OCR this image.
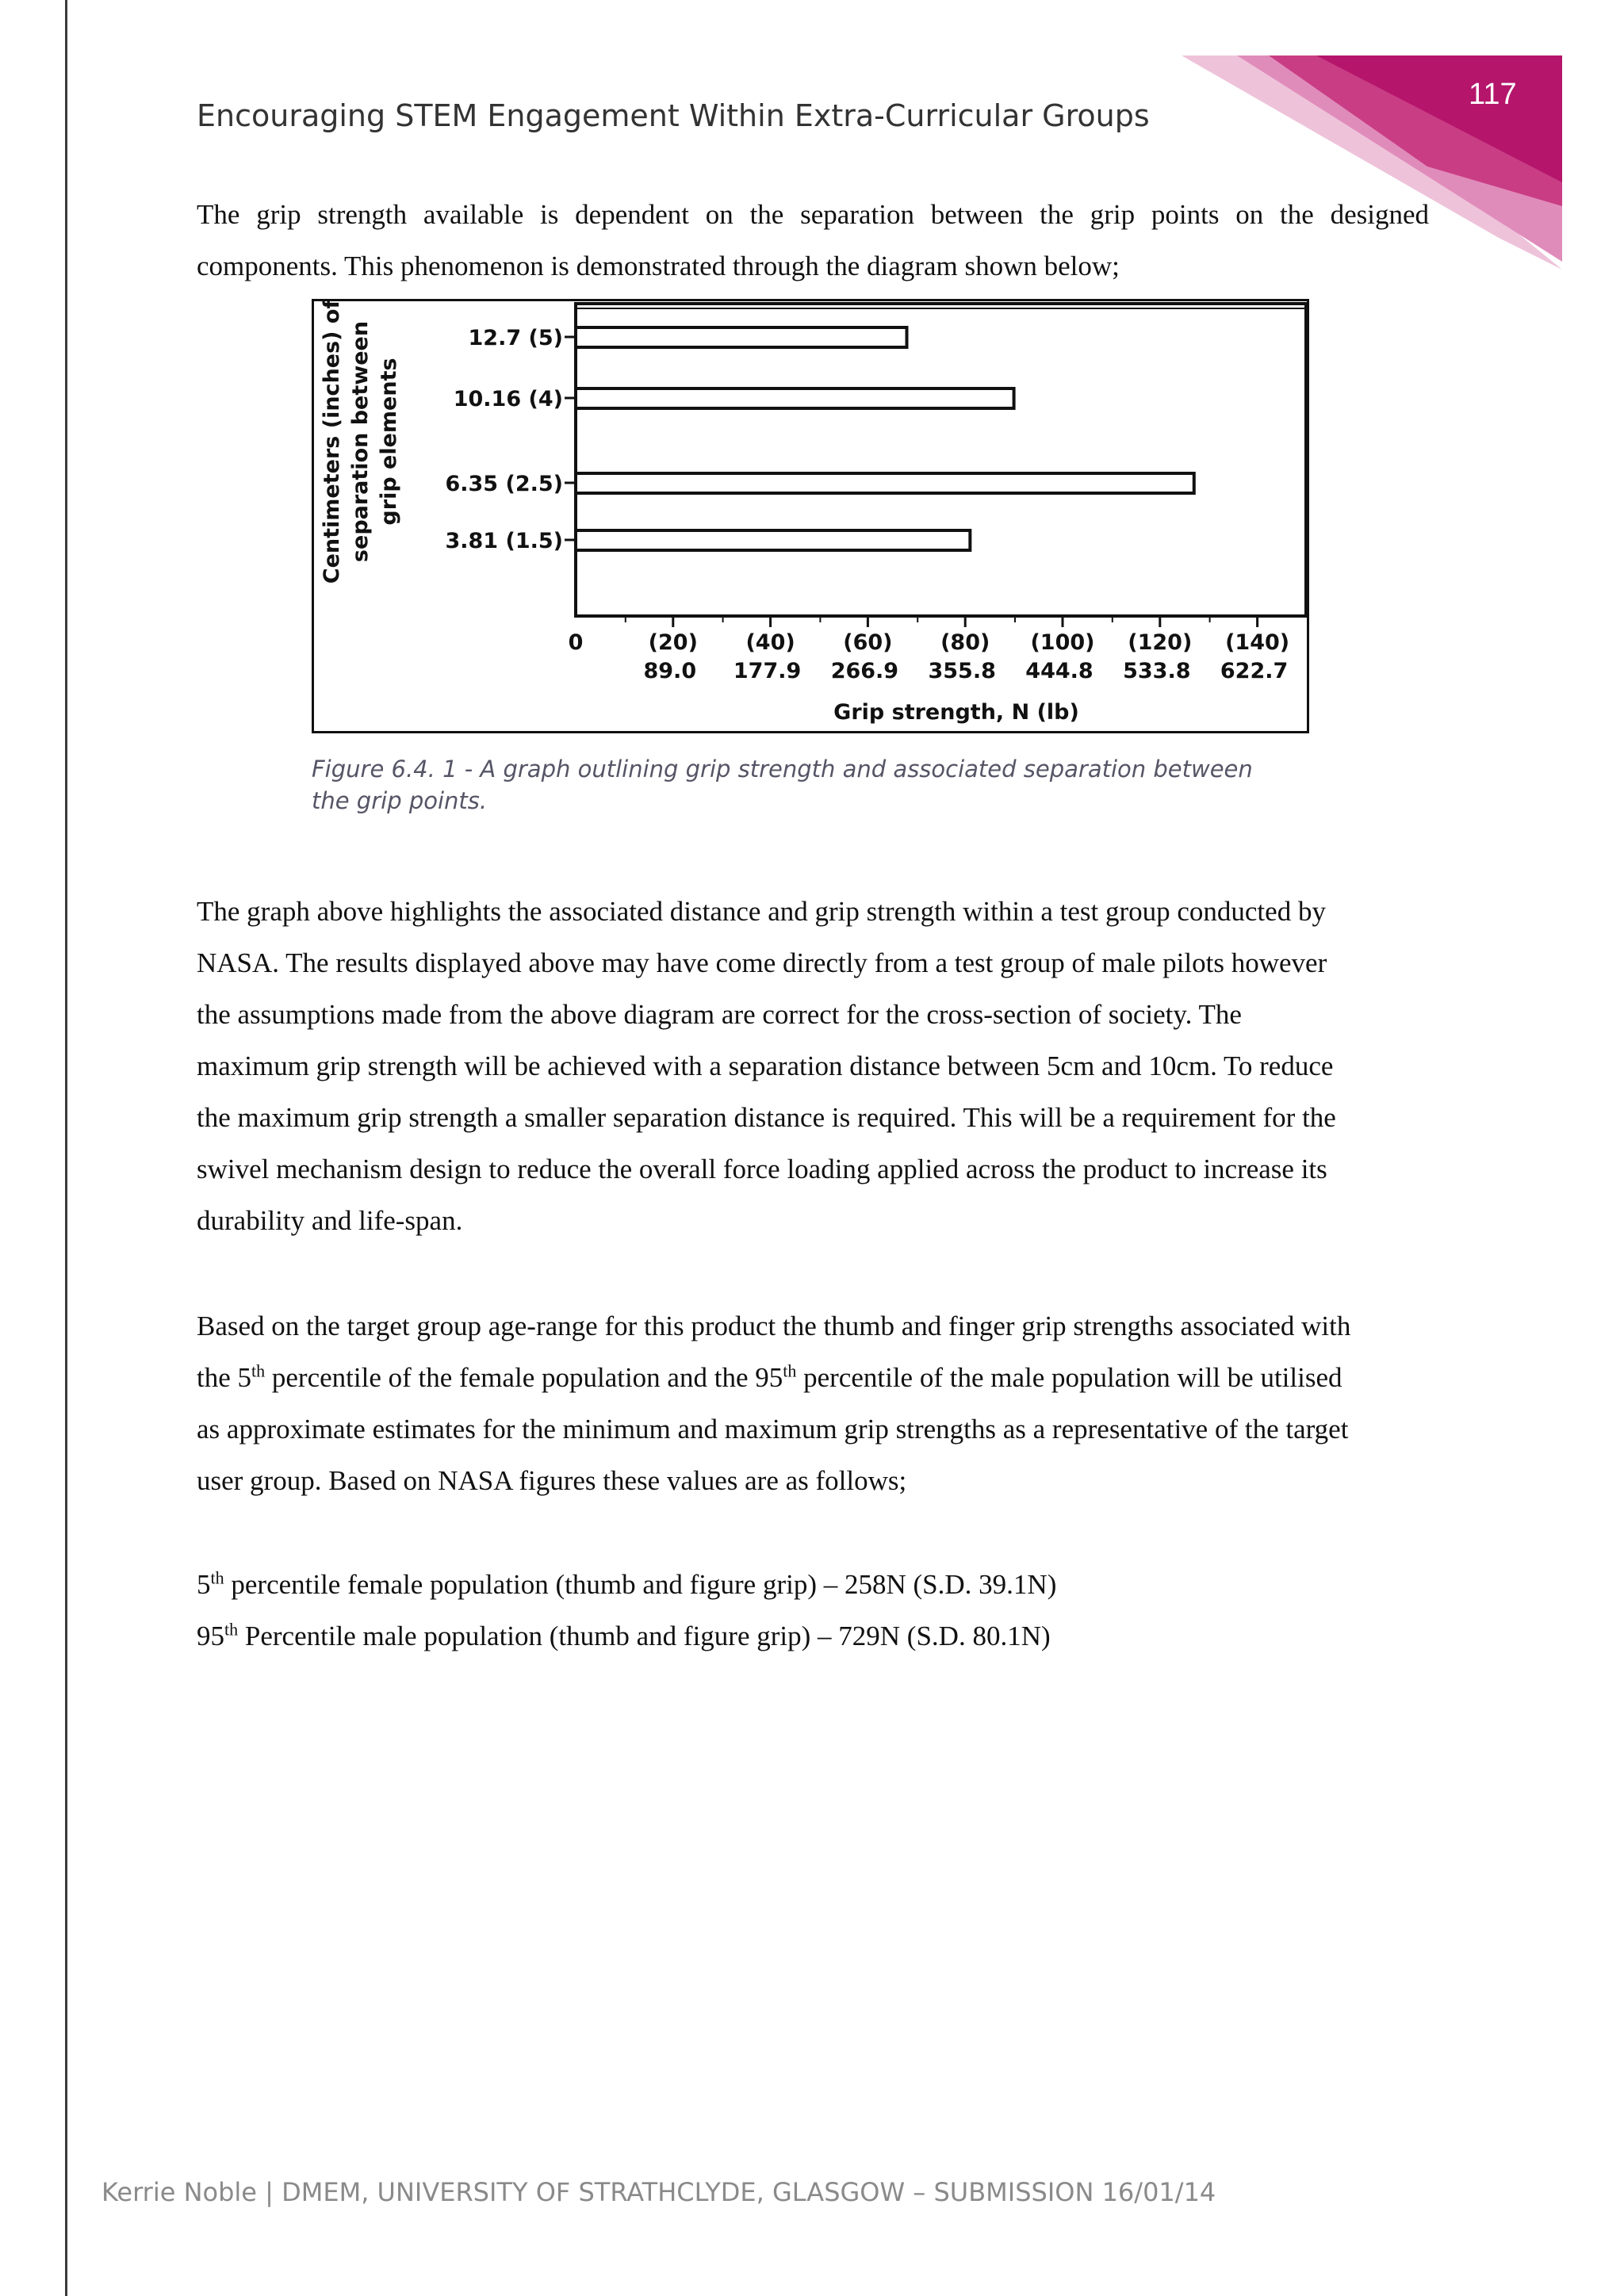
117
Encouraging STEM Engagement Within Extra-Curricular Groups
The grip strength available is dependent on the separation between the grip points on the designed components. This phenomenon is demonstrated through the diagram shown below;
12.7 (5)
10.16 (4)
6.35 (2.5)
3.81 (1.5)
Centimeters (inches) of separation between grip elements
0	(20)
89.0
(40)
177.9
(60)
266.9
(80)
355.8
(100)
444.8
(120)
533.8
(140)
622.7
Grip strength, N (lb)
Figure 6.4. 1 - A graph outlining grip strength and associated separation between
the grip points.
The graph above highlights the associated distance and grip strength within a test group conducted by
NASA. The results displayed above may have come directly from a test group of male pilots however
the assumptions made from the above diagram are correct for the cross-section of society. The
maximum grip strength will be achieved with a separation distance between 5cm and 10cm. To reduce
the maximum grip strength a smaller separation distance is required. This will be a requirement for the
swivel mechanism design to reduce the overall force loading applied across the product to increase its
durability and life-span.
Based on the target group age-range for this product the thumb and finger grip strengths associated with
the 5th percentile of the female population and the 95th percentile of the male population will be utilised
as approximate estimates for the minimum and maximum grip strengths as a representative of the target
user group. Based on NASA figures these values are as follows;
5th percentile female population (thumb and figure grip) – 258N (S.D. 39.1N)
95th Percentile male population (thumb and figure grip) – 729N (S.D. 80.1N)
Kerrie Noble | DMEM, UNIVERSITY OF STRATHCLYDE, GLASGOW – SUBMISSION 16/01/14
